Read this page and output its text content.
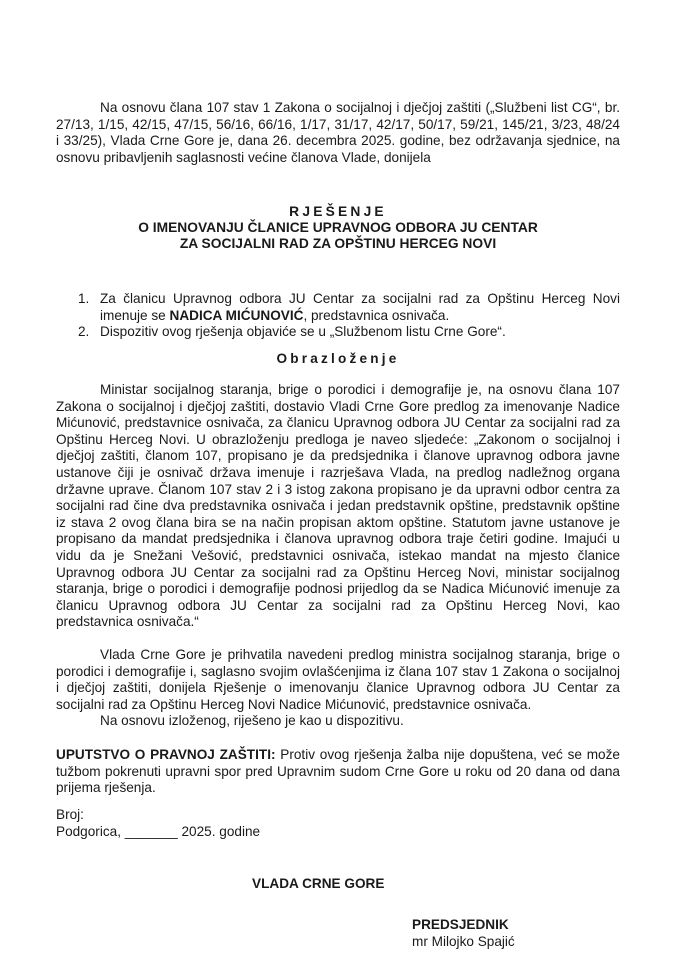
Na osnovu člana 107 stav 1 Zakona o socijalnoj i dječjoj zaštiti („Službeni list CG“, br. 27/13, 1/15, 42/15, 47/15, 56/16, 66/16, 1/17, 31/17, 42/17, 50/17, 59/21, 145/21, 3/23, 48/24 i 33/25), Vlada Crne Gore je, dana 26. decembra 2025. godine, bez održavanja sjednice, na osnovu pribavljenih saglasnosti većine članova Vlade, donijela

RJEŠENJE
O IMENOVANJU ČLANICE UPRAVNOG ODBORA JU CENTAR
ZA SOCIJALNI RAD ZA OPŠTINU HERCEG NOVI
1. Za članicu Upravnog odbora JU Centar za socijalni rad za Opštinu Herceg Novi imenuje se NADICA MIĆUNOVIĆ, predstavnica osnivača.
2. Dispozitiv ovog rješenja objaviće se u „Službenom listu Crne Gore“.
Obrazloženje

Ministar socijalnog staranja, brige o porodici i demografije je, na osnovu člana 107 Zakona o socijalnoj i dječjoj zaštiti, dostavio Vladi Crne Gore predlog za imenovanje Nadice Mićunović, predstavnice osnivača, za članicu Upravnog odbora JU Centar za socijalni rad za Opštinu Herceg Novi. U obrazloženju predloga je naveo sljedeće: „Zakonom o socijalnoj i dječjoj zaštiti, članom 107, propisano je da predsjednika i članove upravnog odbora javne ustanove čiji je osnivač država imenuje i razrješava Vlada, na predlog nadležnog organa državne uprave. Članom 107 stav 2 i 3 istog zakona propisano je da upravni odbor centra za socijalni rad čine dva predstavnika osnivača i jedan predstavnik opštine, predstavnik opštine iz stava 2 ovog člana bira se na način propisan aktom opštine. Statutom javne ustanove je propisano da mandat predsjednika i članova upravnog odbora traje četiri godine. Imajući u vidu da je Snežani Vešović, predstavnici osnivača, istekao mandat na mjesto članice Upravnog odbora JU Centar za socijalni rad za Opštinu Herceg Novi, ministar socijalnog staranja, brige o porodici i demografije podnosi prijedlog da se Nadica Mićunović imenuje za članicu Upravnog odbora JU Centar za socijalni rad za Opštinu Herceg Novi, kao predstavnica osnivača.“

Vlada Crne Gore je prihvatila navedeni predlog ministra socijalnog staranja, brige o porodici i demografije i, saglasno svojim ovlašćenjima iz člana 107 stav 1 Zakona o socijalnoj i dječjoj zaštiti, donijela Rješenje o imenovanju članice Upravnog odbora JU Centar za socijalni rad za Opštinu Herceg Novi Nadice Mićunović, predstavnice osnivača.

Na osnovu izloženog, riješeno je kao u dispozitivu.

UPUTSTVO O PRAVNOJ ZAŠTITI: Protiv ovog rješenja žalba nije dopuštena, već se može tužbom pokrenuti upravni spor pred Upravnim sudom Crne Gore u roku od 20 dana od dana prijema rješenja.

Broj:
Podgorica, _______ 2025. godine
VLADA CRNE GORE
PREDSJEDNIK
mr Milojko Spajić
